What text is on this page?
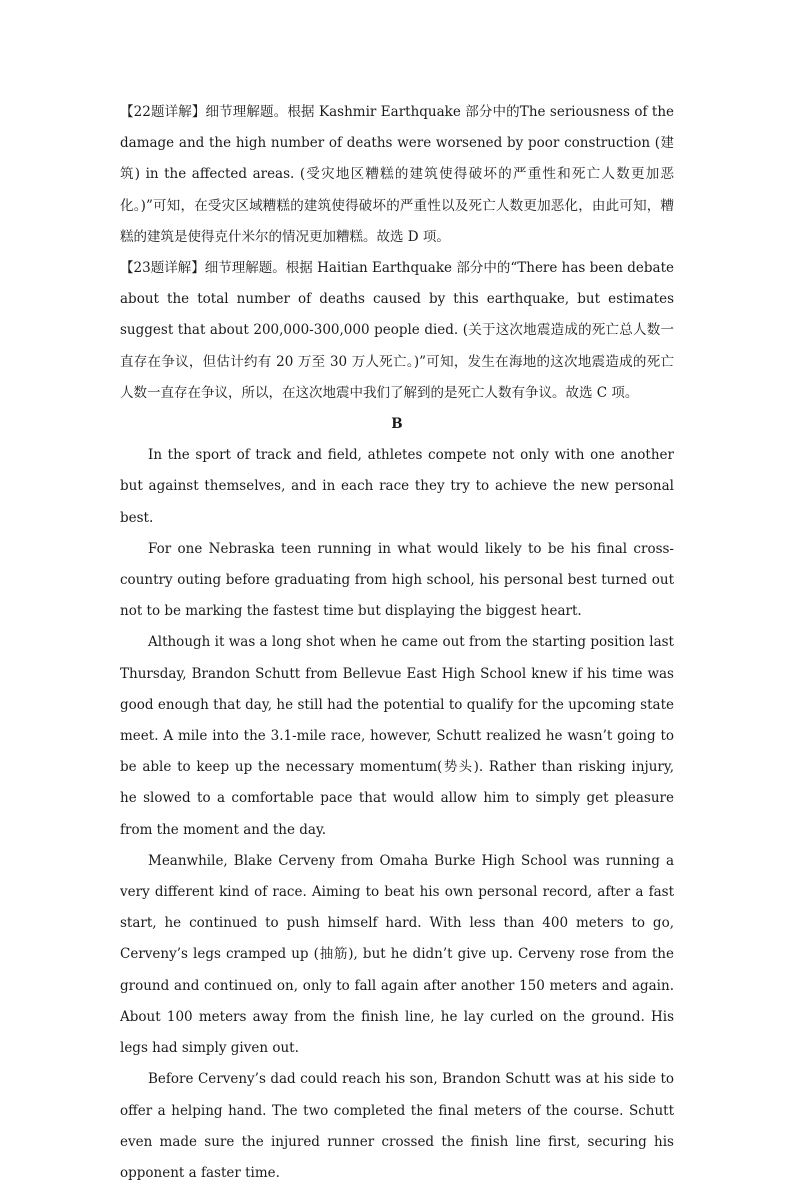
【22题详解】细节理解题。根据 Kashmir Earthquake 部分中的The seriousness of the damage and the high number of deaths were worsened by poor construction (建筑) in the affected areas. (受灾地区糟糕的建筑使得破坏的严重性和死亡人数更加恶化。)”可知，在受灾区域糟糕的建筑使得破坏的严重性以及死亡人数更加恶化，由此可知，糟糕的建筑是使得克什米尔的情况更加糟糕。故选 D 项。

【23题详解】细节理解题。根据 Haitian Earthquake 部分中的“There has been debate about the total number of deaths caused by this earthquake, but estimates suggest that about 200,000-300,000 people died. (关于这次地震造成的死亡总人数一直存在争议，但估计约有 20 万至 30 万人死亡。)”可知，发生在海地的这次地震造成的死亡人数一直存在争议，所以，在这次地震中我们了解到的是死亡人数有争议。故选 C 项。

B

In the sport of track and field, athletes compete not only with one another but against themselves, and in each race they try to achieve the new personal best.

For one Nebraska teen running in what would likely to be his final cross-country outing before graduating from high school, his personal best turned out not to be marking the fastest time but displaying the biggest heart.

Although it was a long shot when he came out from the starting position last Thursday, Brandon Schutt from Bellevue East High School knew if his time was good enough that day, he still had the potential to qualify for the upcoming state meet. A mile into the 3.1-mile race, however, Schutt realized he wasn’t going to be able to keep up the necessary momentum(势头). Rather than risking injury, he slowed to a comfortable pace that would allow him to simply get pleasure from the moment and the day.

Meanwhile, Blake Cerveny from Omaha Burke High School was running a very different kind of race. Aiming to beat his own personal record, after a fast start, he continued to push himself hard. With less than 400 meters to go, Cerveny’s legs cramped up (抽筋), but he didn’t give up. Cerveny rose from the ground and continued on, only to fall again after another 150 meters and again. About 100 meters away from the finish line, he lay curled on the ground. His legs had simply given out.

Before Cerveny’s dad could reach his son, Brandon Schutt was at his side to offer a helping hand. The two completed the final meters of the course. Schutt even made sure the injured runner crossed the finish line first, securing his opponent a faster time.
